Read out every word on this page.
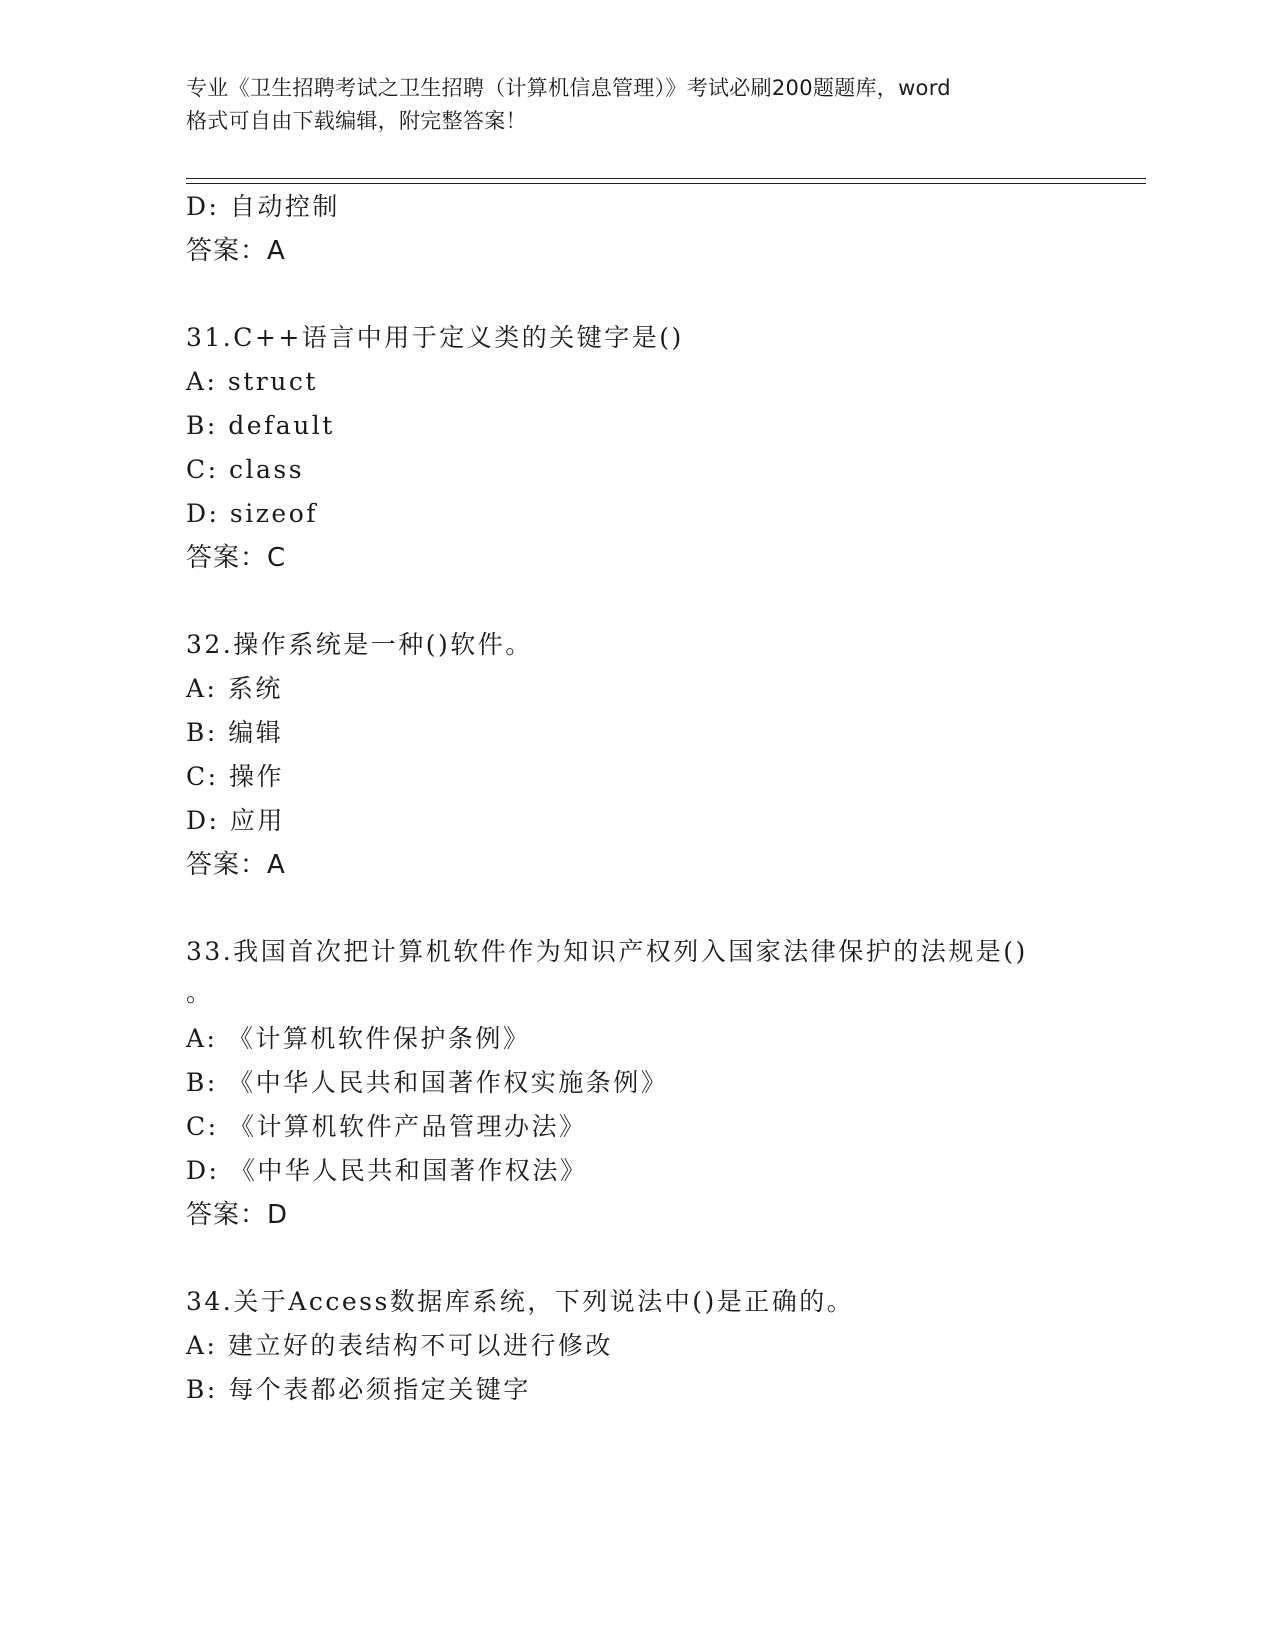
专业《卫生招聘考试之卫生招聘（计算机信息管理）》考试必刷200题题库，word
格式可自由下载编辑，附完整答案！
D: 自动控制
答案：A
31.C++语言中用于定义类的关键字是()
A: struct
B: default
C: class
D: sizeof
答案：C
32.操作系统是一种()软件。
A: 系统
B: 编辑
C: 操作
D: 应用
答案：A
33.我国首次把计算机软件作为知识产权列入国家法律保护的法规是()
。
A: 《计算机软件保护条例》
B: 《中华人民共和国著作权实施条例》
C: 《计算机软件产品管理办法》
D: 《中华人民共和国著作权法》
答案：D
34.关于Access数据库系统，下列说法中()是正确的。
A: 建立好的表结构不可以进行修改
B: 每个表都必须指定关键字
